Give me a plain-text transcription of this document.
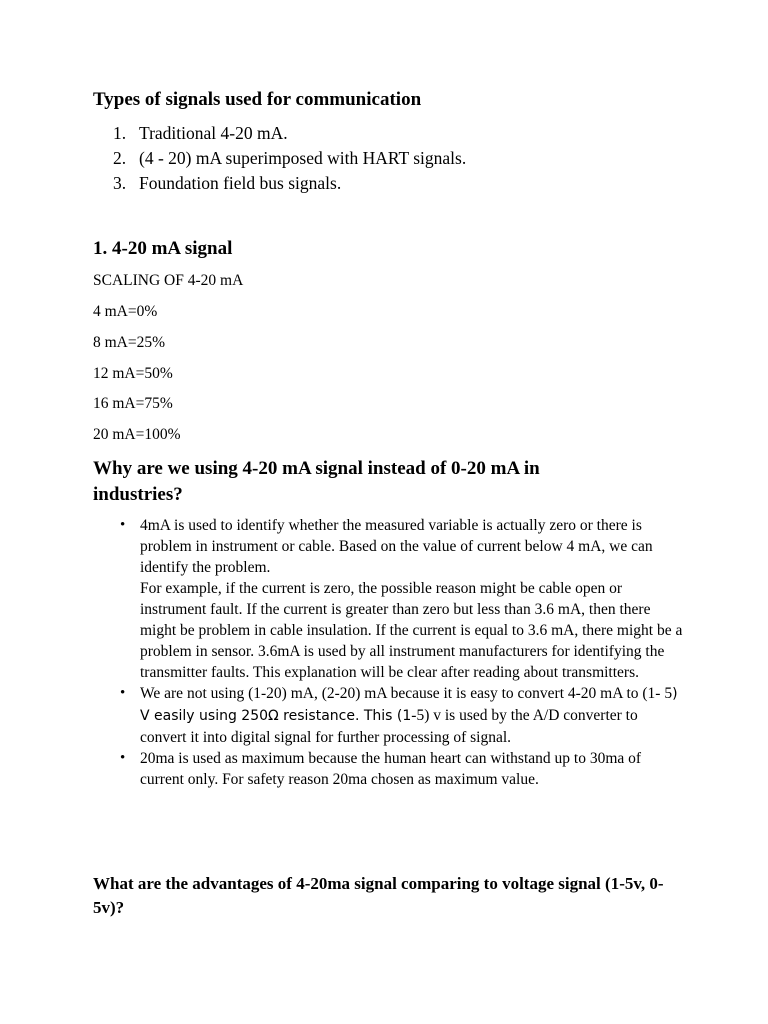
Types of signals used for communication
1. Traditional 4-20 mA.
2. (4 - 20) mA superimposed with HART signals.
3. Foundation field bus signals.
1. 4-20 mA signal
SCALING OF 4-20 mA
4 mA=0%
8 mA=25%
12 mA=50%
16 mA=75%
20 mA=100%
Why are we using 4-20 mA signal instead of 0-20 mA in industries?
• 4mA is used to identify whether the measured variable is actually zero or there is problem in instrument or cable. Based on the value of current below 4 mA, we can identify the problem.

For example, if the current is zero, the possible reason might be cable open or instrument fault. If the current is greater than zero but less than 3.6 mA, then there might be problem in cable insulation. If the current is equal to 3.6 mA, there might be a problem in sensor. 3.6mA is used by all instrument manufacturers for identifying the transmitter faults. This explanation will be clear after reading about transmitters.

• We are not using (1-20) mA, (2-20) mA because it is easy to convert 4-20 mA to (1- 5) V easily using 250Ω resistance. This (1-5) v is used by the A/D converter to convert it into digital signal for further processing of signal.

• 20ma is used as maximum because the human heart can withstand up to 30ma of current only. For safety reason 20ma chosen as maximum value.

What are the advantages of 4-20ma signal comparing to voltage signal (1-5v, 0-5v)?
